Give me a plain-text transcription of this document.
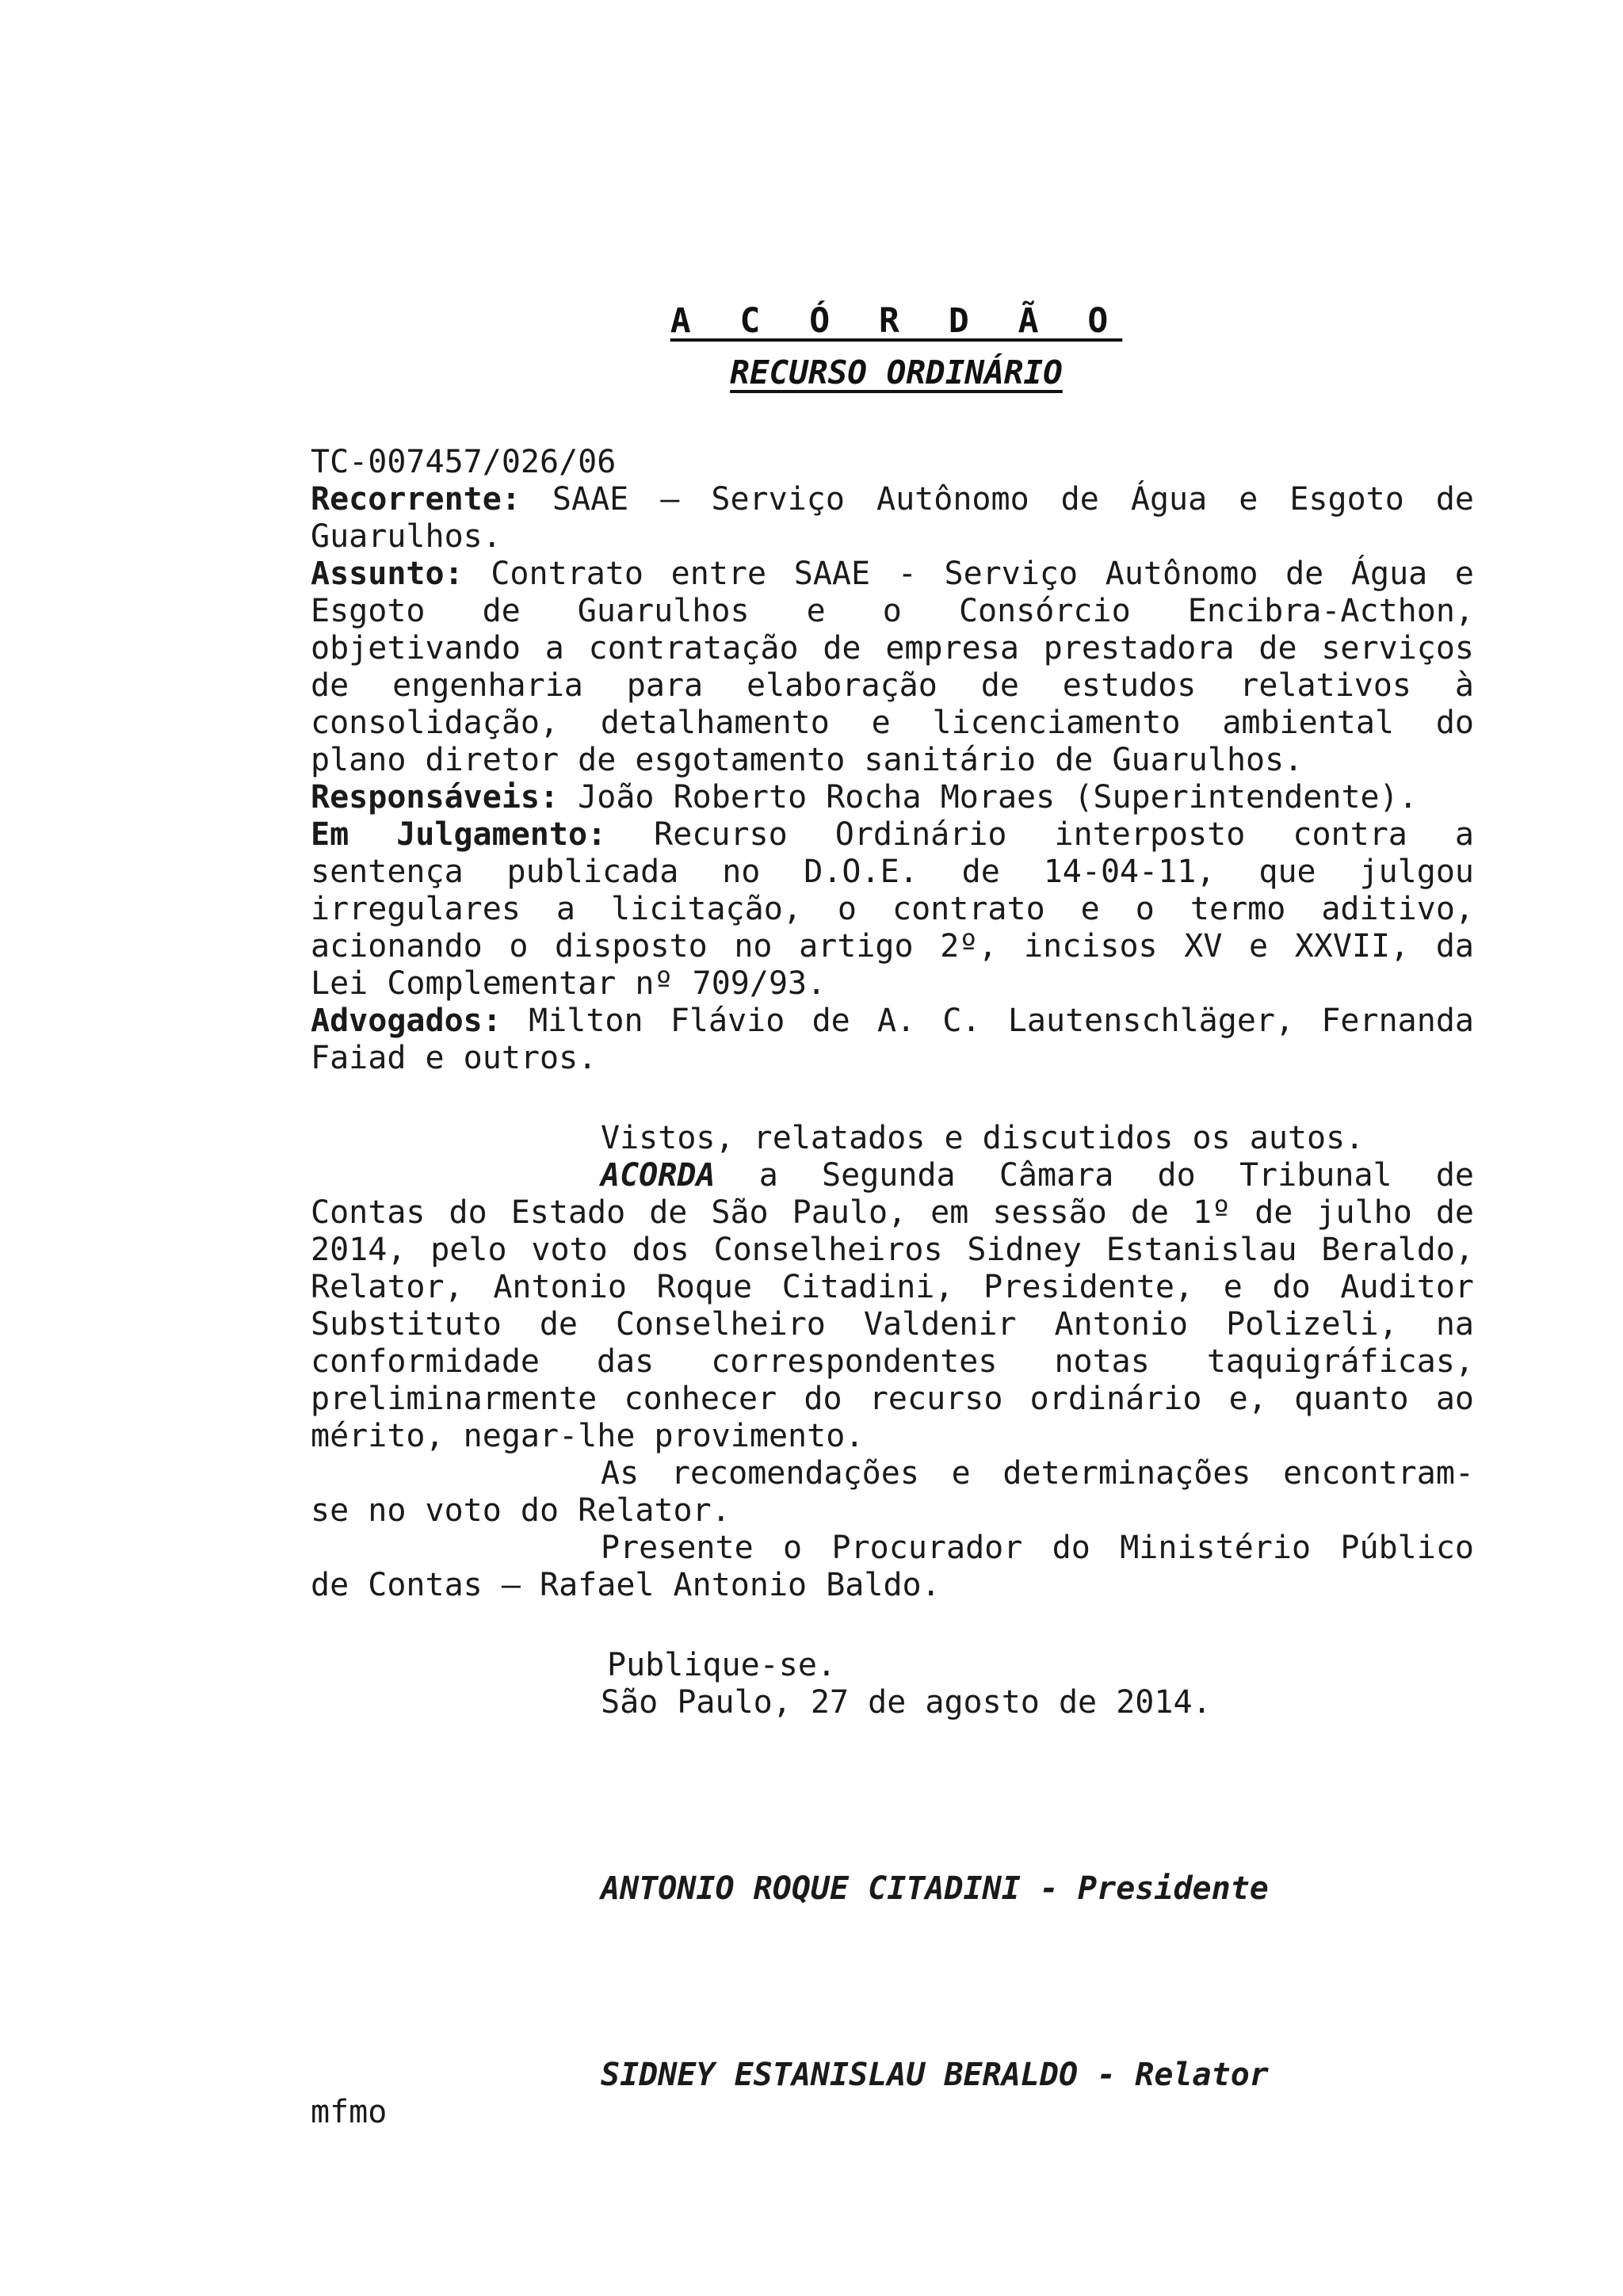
A C Ó R D Ã O

RECURSO ORDINÁRIO

TC-007457/026/06

Recorrente: SAAE – Serviço Autônomo de Água e Esgoto de

Guarulhos.

Assunto: Contrato entre SAAE - Serviço Autônomo de Água e

Esgoto de Guarulhos e o Consórcio Encibra-Acthon,

objetivando a contratação de empresa prestadora de serviços

de engenharia para elaboração de estudos relativos à

consolidação, detalhamento e licenciamento ambiental do

plano diretor de esgotamento sanitário de Guarulhos.

Responsáveis: João Roberto Rocha Moraes (Superintendente).

Em Julgamento: Recurso Ordinário interposto contra a

sentença publicada no D.O.E. de 14-04-11, que julgou

irregulares a licitação, o contrato e o termo aditivo,

acionando o disposto no artigo 2º, incisos XV e XXVII, da

Lei Complementar nº 709/93.

Advogados: Milton Flávio de A. C. Lautenschläger, Fernanda

Faiad e outros.

Vistos, relatados e discutidos os autos.

ACORDA a Segunda Câmara do Tribunal de

Contas do Estado de São Paulo, em sessão de 1º de julho de

2014, pelo voto dos Conselheiros Sidney Estanislau Beraldo,

Relator, Antonio Roque Citadini, Presidente, e do Auditor

Substituto de Conselheiro Valdenir Antonio Polizeli, na

conformidade das correspondentes notas taquigráficas,

preliminarmente conhecer do recurso ordinário e, quanto ao

mérito, negar-lhe provimento.

As recomendações e determinações encontram-

se no voto do Relator.

Presente o Procurador do Ministério Público

de Contas – Rafael Antonio Baldo.

Publique-se.

São Paulo, 27 de agosto de 2014.

ANTONIO ROQUE CITADINI - Presidente

SIDNEY ESTANISLAU BERALDO - Relator

mfmo
